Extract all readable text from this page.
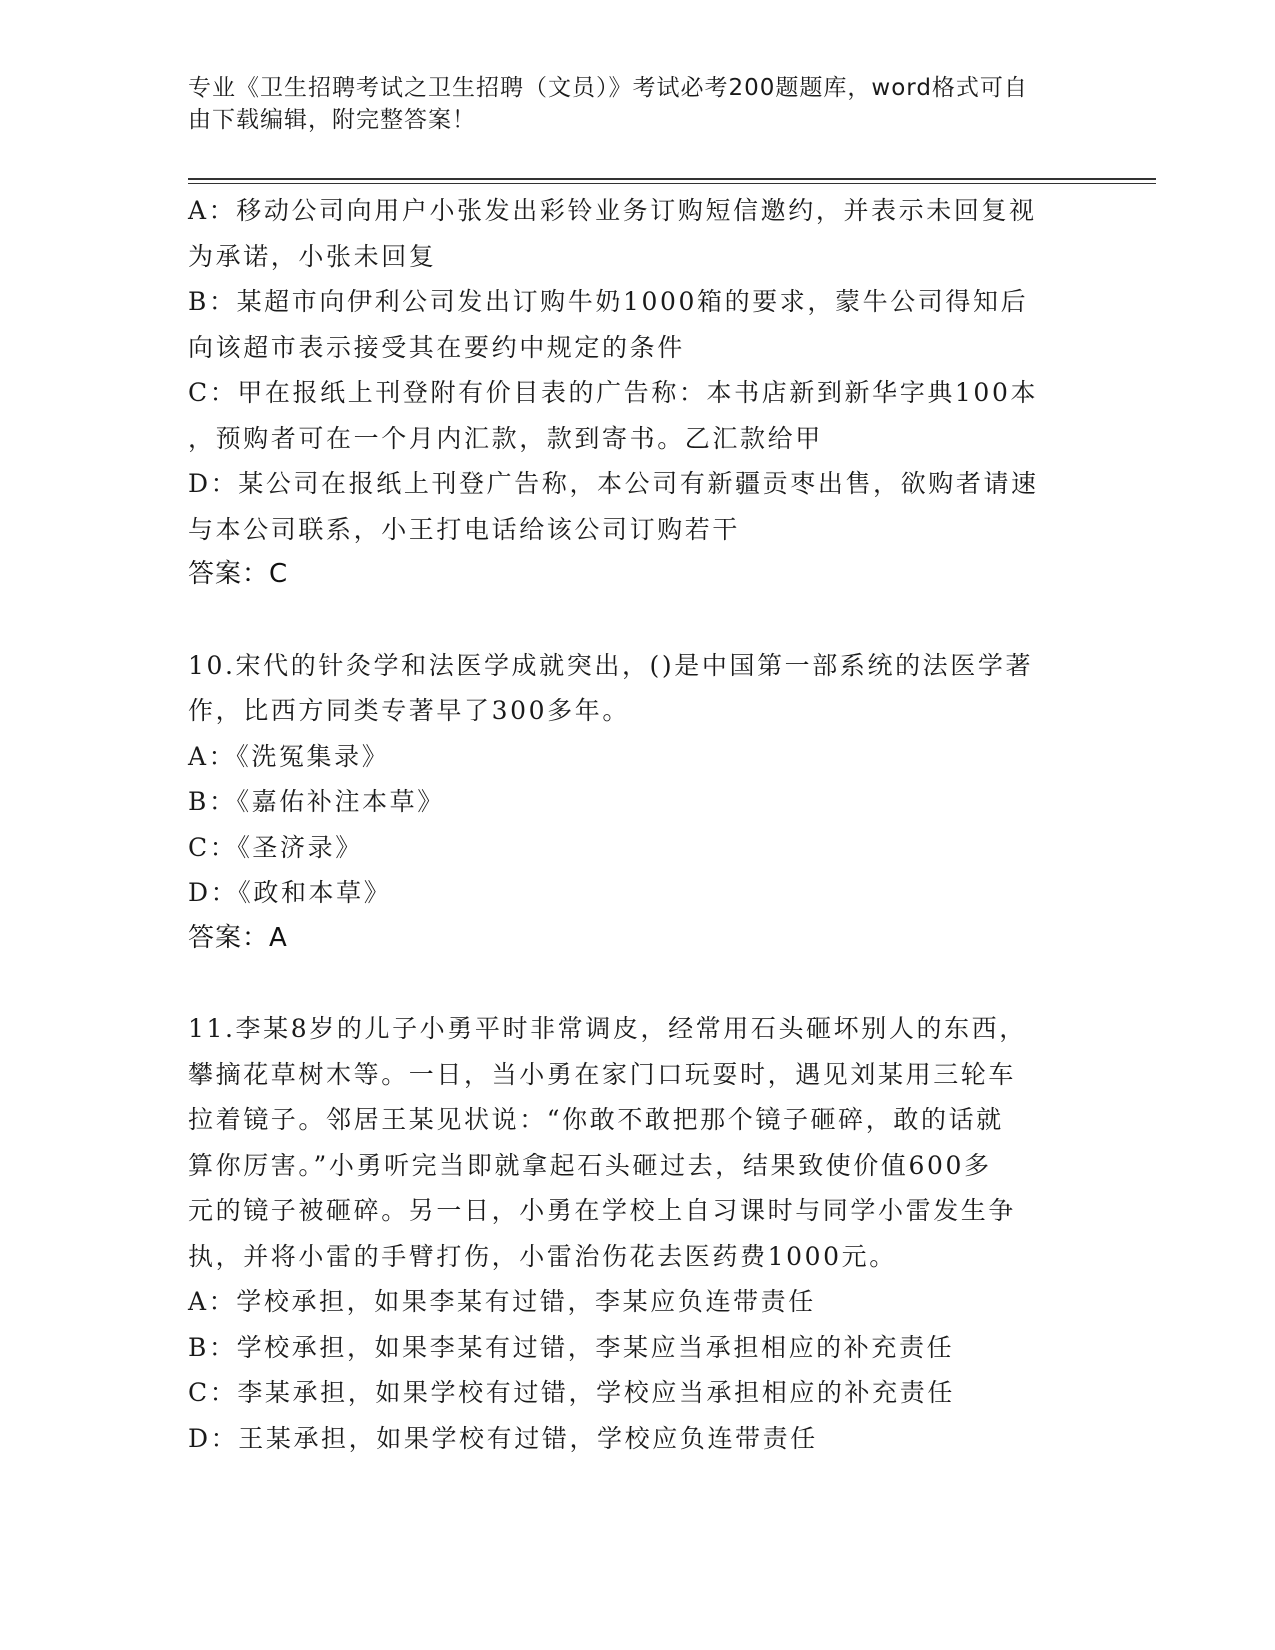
专业《卫生招聘考试之卫生招聘（文员）》考试必考200题题库，word格式可自
由下载编辑，附完整答案！

A：移动公司向用户小张发出彩铃业务订购短信邀约，并表示未回复视

为承诺，小张未回复

B：某超市向伊利公司发出订购牛奶1000箱的要求，蒙牛公司得知后

向该超市表示接受其在要约中规定的条件

C：甲在报纸上刊登附有价目表的广告称：本书店新到新华字典100本

，预购者可在一个月内汇款，款到寄书。乙汇款给甲

D：某公司在报纸上刊登广告称，本公司有新疆贡枣出售，欲购者请速

与本公司联系，小王打电话给该公司订购若干

答案：C

10.宋代的针灸学和法医学成就突出，()是中国第一部系统的法医学著

作，比西方同类专著早了300多年。

A：《洗冤集录》

B：《嘉佑补注本草》

C：《圣济录》

D：《政和本草》

答案：A

11.李某8岁的儿子小勇平时非常调皮，经常用石头砸坏别人的东西，

攀摘花草树木等。一日，当小勇在家门口玩耍时，遇见刘某用三轮车

拉着镜子。邻居王某见状说：“你敢不敢把那个镜子砸碎，敢的话就

算你厉害。”小勇听完当即就拿起石头砸过去，结果致使价值600多

元的镜子被砸碎。另一日，小勇在学校上自习课时与同学小雷发生争

执，并将小雷的手臂打伤，小雷治伤花去医药费1000元。

A：学校承担，如果李某有过错，李某应负连带责任

B：学校承担，如果李某有过错，李某应当承担相应的补充责任

C：李某承担，如果学校有过错，学校应当承担相应的补充责任

D：王某承担，如果学校有过错，学校应负连带责任
